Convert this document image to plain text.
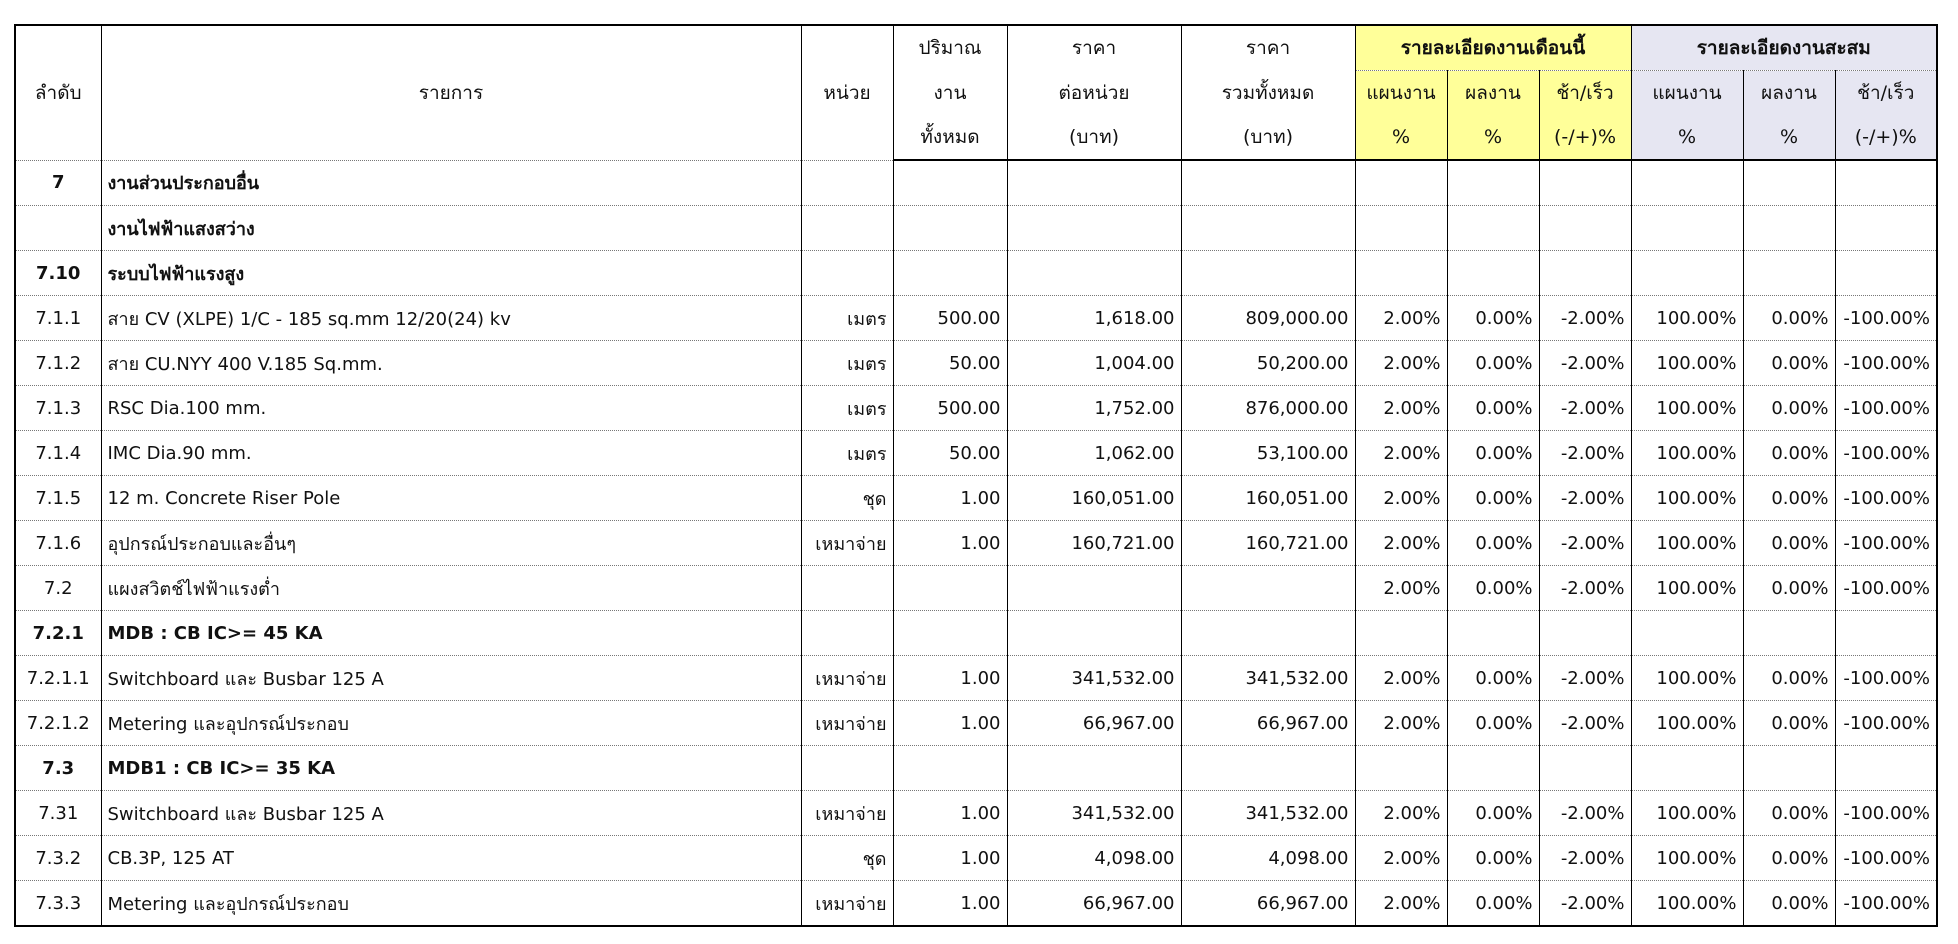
ลำดับ	รายการ	หน่วย	ปริมาณ	ราคา	ราคา	รายละเอียดงานเดือนนี้			รายละเอียดงานสะสม		
			งาน	ต่อหน่วย	รวมทั้งหมด	แผนงาน	ผลงาน	ช้า/เร็ว	แผนงาน	ผลงาน	ช้า/เร็ว
			ทั้งหมด	(บาท)	(บาท)	%	%	(-/+)%	%	%	(-/+)%
7	งานส่วนประกอบอื่น										
	งานไฟฟ้าแสงสว่าง										
7.10	ระบบไฟฟ้าแรงสูง										
7.1.1	สาย CV (XLPE) 1/C - 185 sq.mm 12/20(24) kv	เมตร	500.00	1,618.00	809,000.00	2.00%	0.00%	-2.00%	100.00%	0.00%	-100.00%
7.1.2	สาย CU.NYY 400 V.185 Sq.mm.	เมตร	50.00	1,004.00	50,200.00	2.00%	0.00%	-2.00%	100.00%	0.00%	-100.00%
7.1.3	RSC Dia.100 mm.	เมตร	500.00	1,752.00	876,000.00	2.00%	0.00%	-2.00%	100.00%	0.00%	-100.00%
7.1.4	IMC Dia.90 mm.	เมตร	50.00	1,062.00	53,100.00	2.00%	0.00%	-2.00%	100.00%	0.00%	-100.00%
7.1.5	12 m. Concrete Riser Pole	ชุด	1.00	160,051.00	160,051.00	2.00%	0.00%	-2.00%	100.00%	0.00%	-100.00%
7.1.6	อุปกรณ์ประกอบและอื่นๆ	เหมาจ่าย	1.00	160,721.00	160,721.00	2.00%	0.00%	-2.00%	100.00%	0.00%	-100.00%
7.2	แผงสวิตช์ไฟฟ้าแรงต่ำ					2.00%	0.00%	-2.00%	100.00%	0.00%	-100.00%
7.2.1	MDB : CB IC>= 45 KA										
7.2.1.1	Switchboard และ Busbar 125 A	เหมาจ่าย	1.00	341,532.00	341,532.00	2.00%	0.00%	-2.00%	100.00%	0.00%	-100.00%
7.2.1.2	Metering และอุปกรณ์ประกอบ	เหมาจ่าย	1.00	66,967.00	66,967.00	2.00%	0.00%	-2.00%	100.00%	0.00%	-100.00%
7.3	MDB1 : CB IC>= 35 KA										
7.31	Switchboard และ Busbar 125 A	เหมาจ่าย	1.00	341,532.00	341,532.00	2.00%	0.00%	-2.00%	100.00%	0.00%	-100.00%
7.3.2	CB.3P, 125 AT	ชุด	1.00	4,098.00	4,098.00	2.00%	0.00%	-2.00%	100.00%	0.00%	-100.00%
7.3.3	Metering และอุปกรณ์ประกอบ	เหมาจ่าย	1.00	66,967.00	66,967.00	2.00%	0.00%	-2.00%	100.00%	0.00%	-100.00%
